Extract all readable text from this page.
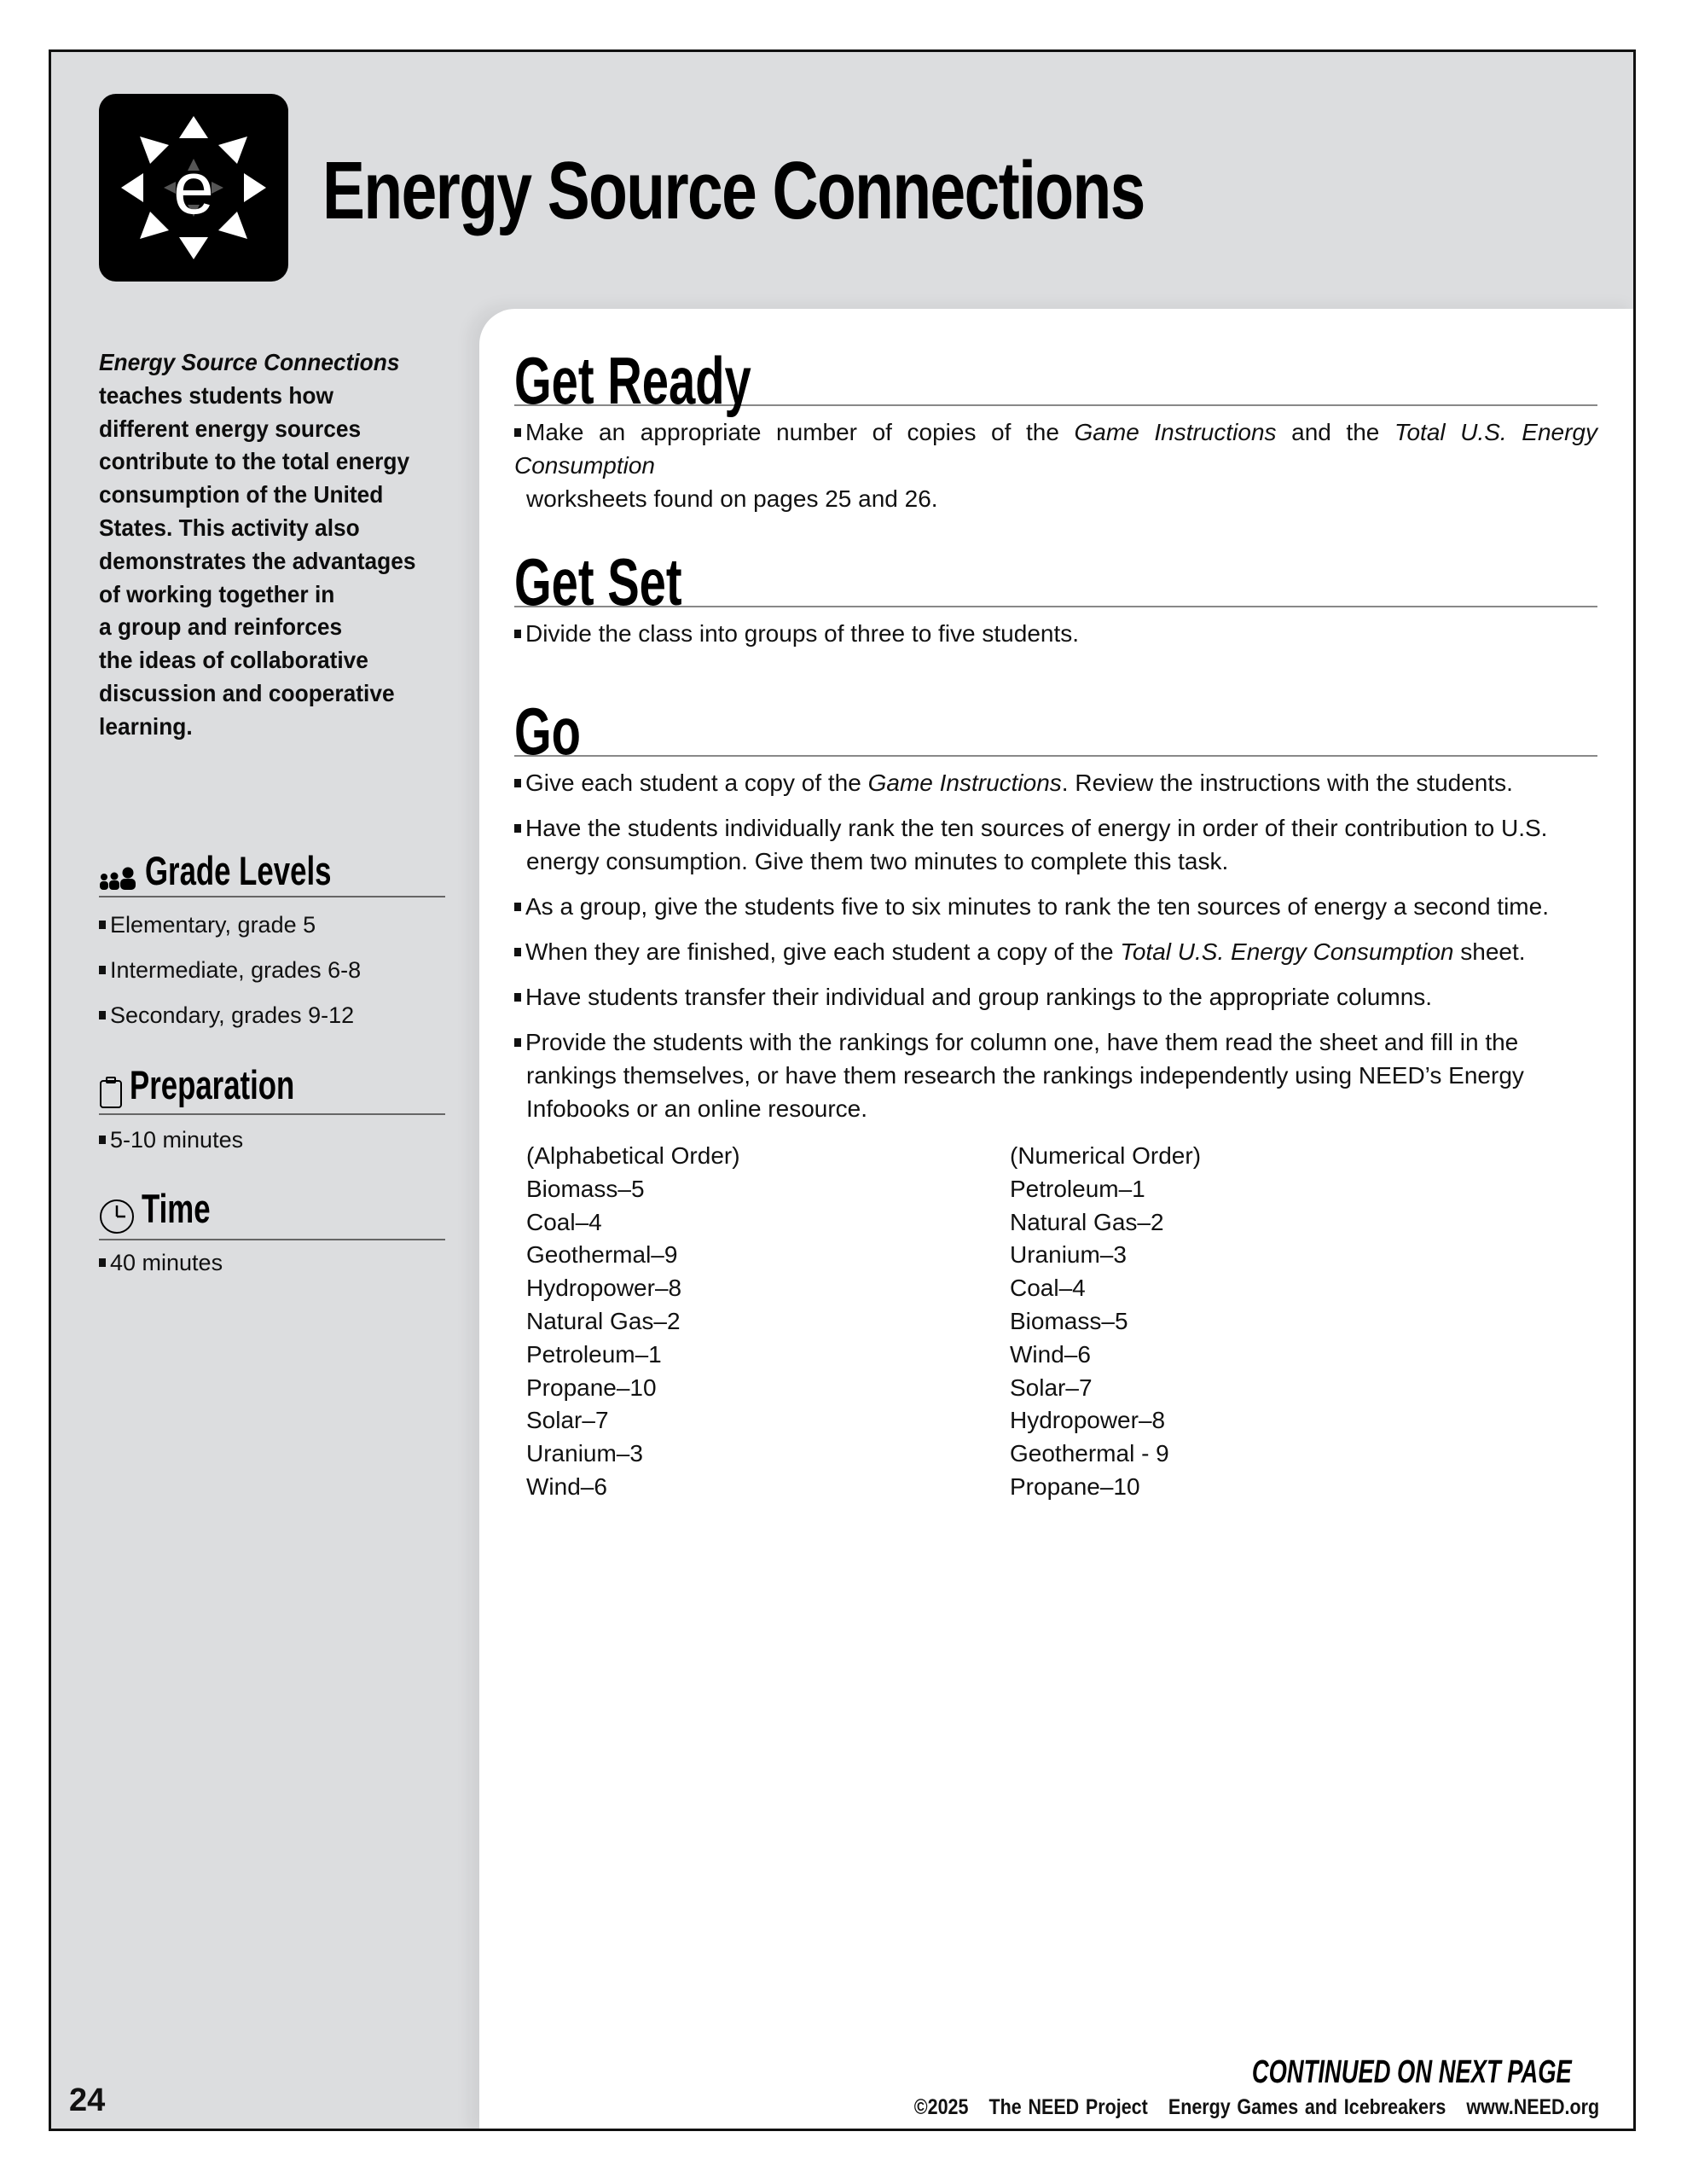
e Energy Source Connections

Energy Source Connections
teaches students how
different energy sources
contribute to the total energy
consumption of the United
States. This activity also
demonstrates the advantages
of working together in
a group and reinforces
the ideas of collaborative
discussion and cooperative
learning.

Grade Levels
Elementary, grade 5
Intermediate, grades 6-8
Secondary, grades 9-12
Preparation
5-10 minutes
Time
40 minutes
Get Ready

Make an appropriate number of copies of the Game Instructions and the Total U.S. Energy Consumption
worksheets found on pages 25 and 26.

Get Set

Divide the class into groups of three to five students.

Go

Give each student a copy of the Game Instructions. Review the instructions with the students.

Have the students individually rank the ten sources of energy in order of their contribution to U.S.
energy consumption. Give them two minutes to complete this task.

As a group, give the students five to six minutes to rank the ten sources of energy a second time.

When they are finished, give each student a copy of the Total U.S. Energy Consumption sheet.

Have students transfer their individual and group rankings to the appropriate columns.

Provide the students with the rankings for column one, have them read the sheet and fill in the
rankings themselves, or have them research the rankings independently using NEED’s Energy
Infobooks or an online resource.

(Alphabetical Order)
Biomass–5
Coal–4
Geothermal–9
Hydropower–8
Natural Gas–2
Petroleum–1
Propane–10
Solar–7
Uranium–3
Wind–6
(Numerical Order)
Petroleum–1
Natural Gas–2
Uranium–3
Coal–4
Biomass–5
Wind–6
Solar–7
Hydropower–8
Geothermal - 9
Propane–10
CONTINUED ON NEXT PAGE
©2025 The NEED Project Energy Games and Icebreakers www.NEED.org
24
